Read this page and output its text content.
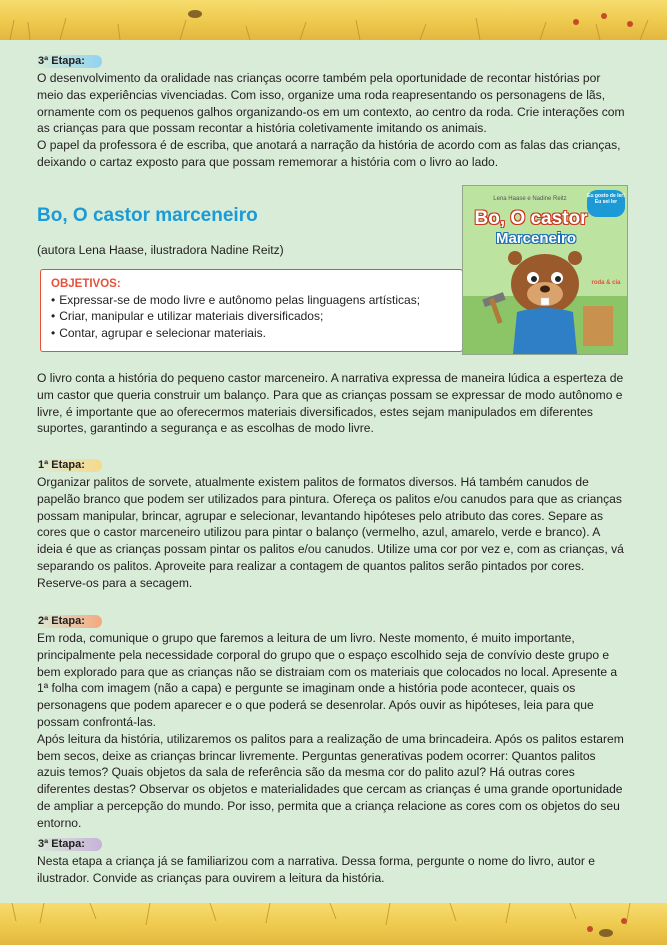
3ª Etapa:

O desenvolvimento da oralidade nas crianças ocorre também pela oportunidade de recontar histórias por meio das experiências vivenciadas. Com isso, organize uma roda reapresentando os personagens de lãs, ornamente com os pequenos galhos organizando-os em um contexto, ao centro da roda. Crie interações com as crianças para que possam recontar a história coletivamente imitando os animais.

O papel da professora é de escriba, que anotará a narração da história de acordo com as falas das crianças, deixando o cartaz exposto para que possam rememorar a história com o livro ao lado.

Bo, O castor marceneiro

(autora Lena Haase, ilustradora Nadine Reitz)

OBJETIVOS:
• Expressar-se de modo livre e autônomo pelas linguagens artísticas;
• Criar, manipular e utilizar materiais diversificados;
• Contar, agrupar e selecionar materiais.
Lena Haase e Nadine Reitz	Eu gosto de ler! Eu sei ler
Bo, O castor
Marceneiro
roda & cia

O livro conta a história do pequeno castor marceneiro. A narrativa expressa de maneira lúdica a esperteza de um castor que queria construir um balanço. Para que as crianças possam se expressar de modo autônomo e livre, é importante que ao oferecermos materiais diversificados, estes sejam manipulados em diferentes suportes, garantindo a segurança e as escolhas de modo livre.

1ª Etapa:

Organizar palitos de sorvete, atualmente existem palitos de formatos diversos. Há também canudos de papelão branco que podem ser utilizados para pintura. Ofereça os palitos e/ou canudos para que as crianças possam manipular, brincar, agrupar e selecionar, levantando hipóteses pelo atributo das cores. Separe as cores que o castor marceneiro utilizou para pintar o balanço (vermelho, azul, amarelo, verde e branco). A ideia é que as crianças possam pintar os palitos e/ou canudos. Utilize uma cor por vez e, com as crianças, vá separando os palitos. Aproveite para realizar a contagem de quantos palitos serão pintados por cores. Reserve-os para a secagem.

2ª Etapa:

Em roda, comunique o grupo que faremos a leitura de um livro. Neste momento, é muito importante, principalmente pela necessidade corporal do grupo que o espaço escolhido seja de convívio deste grupo e bem explorado para que as crianças não se distraiam com os materiais que colocados no local. Apresente a 1ª folha com imagem (não a capa) e pergunte se imaginam onde a história pode acontecer, quais os personagens que podem aparecer e o que poderá se desenrolar. Após ouvir as hipóteses, leia para que possam confrontá-las.

Após leitura da história, utilizaremos os palitos para a realização de uma brincadeira. Após os palitos estarem bem secos, deixe as crianças brincar livremente. Perguntas generativas podem ocorrer: Quantos palitos azuis temos? Quais objetos da sala de referência são da mesma cor do palito azul? Há outras cores diferentes destas? Observar os objetos e materialidades que cercam as crianças é uma grande oportunidade de ampliar a percepção do mundo. Por isso, permita que a criança relacione as cores com os objetos do seu entorno.

3ª Etapa:

Nesta etapa a criança já se familiarizou com a narrativa. Dessa forma, pergunte o nome do livro, autor e ilustrador. Convide as crianças para ouvirem a leitura da história.
